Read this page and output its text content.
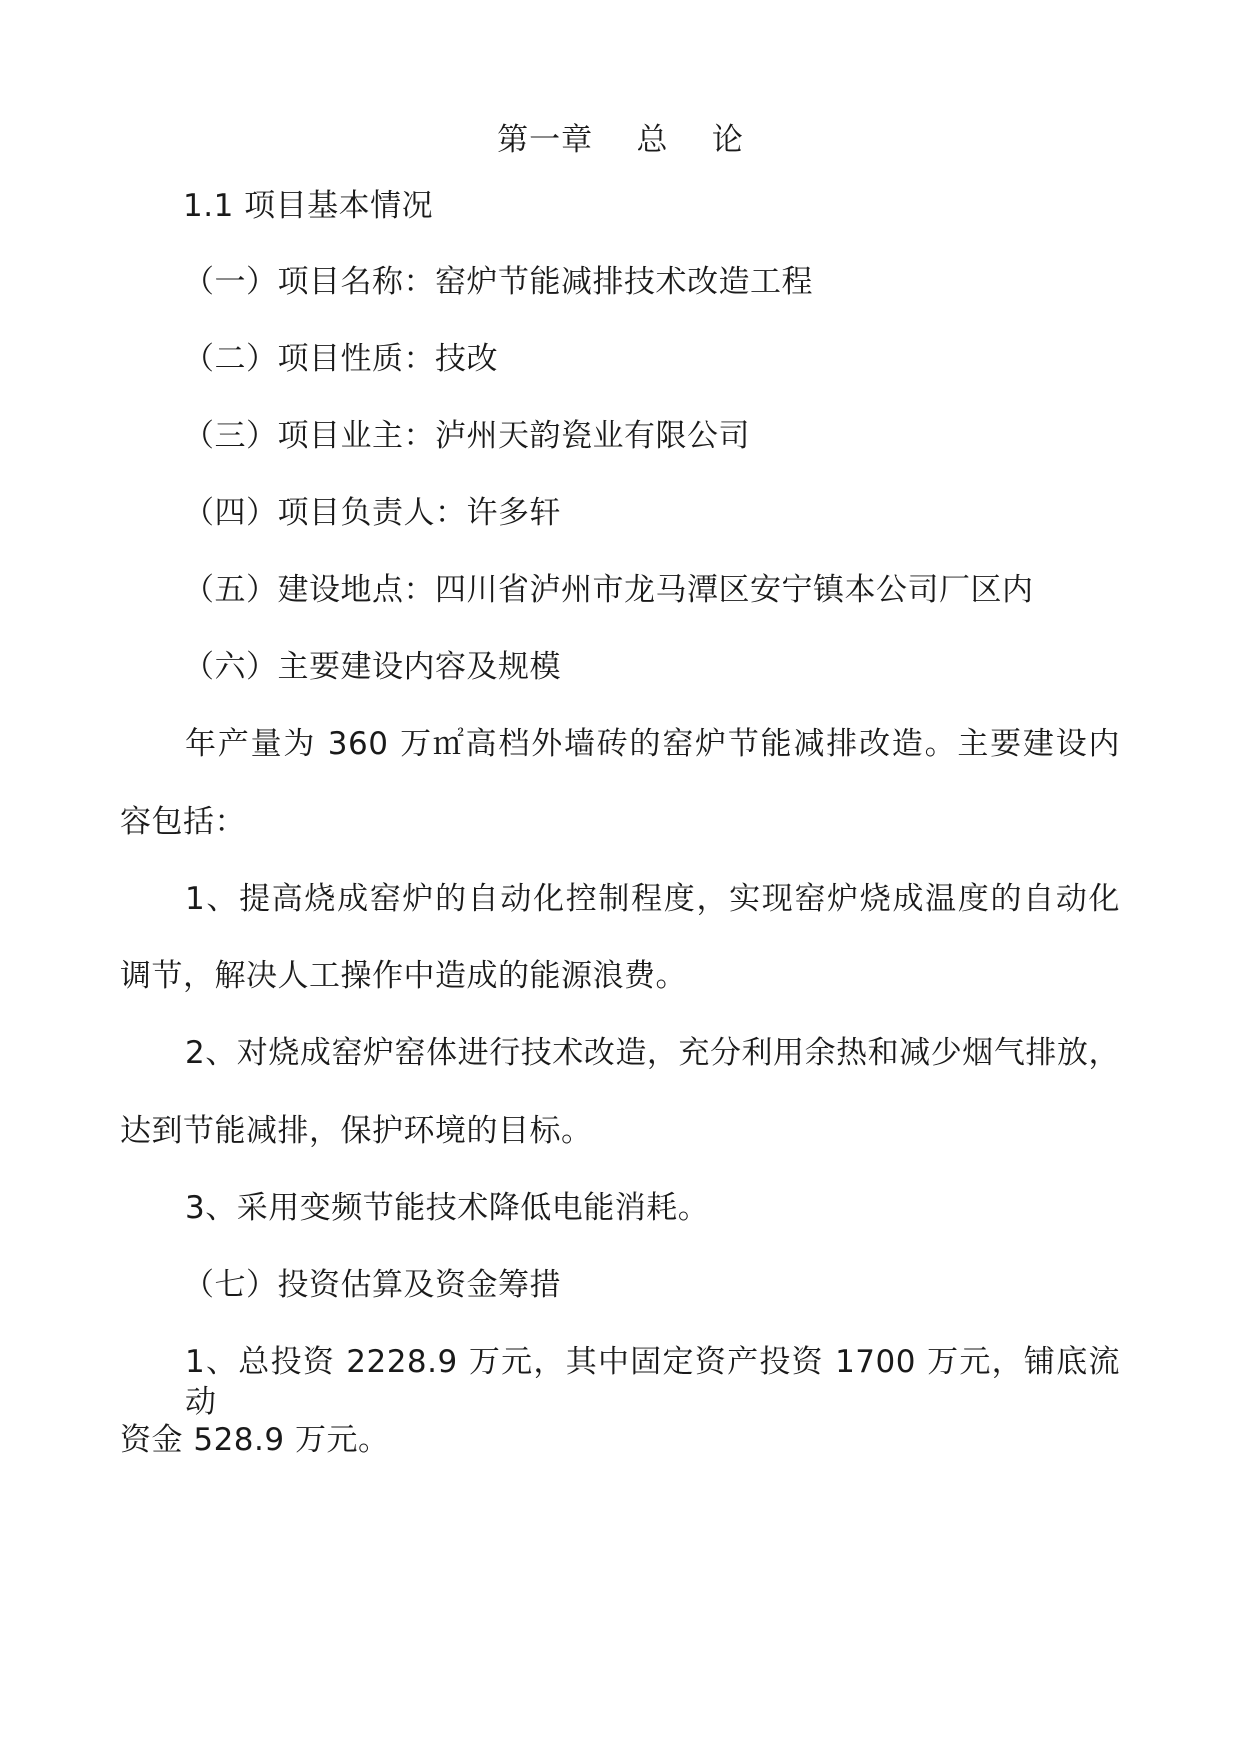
第一章    总    论
1.1 项目基本情况
（一）项目名称：窑炉节能减排技术改造工程
（二）项目性质：技改
（三）项目业主：泸州天韵瓷业有限公司
（四）项目负责人：许多轩
（五）建设地点：四川省泸州市龙马潭区安宁镇本公司厂区内
（六）主要建设内容及规模
年产量为 360 万㎡高档外墙砖的窑炉节能减排改造。主要建设内
容包括：
1、提高烧成窑炉的自动化控制程度，实现窑炉烧成温度的自动化
调节，解决人工操作中造成的能源浪费。
2、对烧成窑炉窑体进行技术改造，充分利用余热和减少烟气排放，
达到节能减排，保护环境的目标。
3、采用变频节能技术降低电能消耗。
（七）投资估算及资金筹措
1、总投资 2228.9 万元，其中固定资产投资 1700 万元，铺底流动
资金 528.9 万元。
